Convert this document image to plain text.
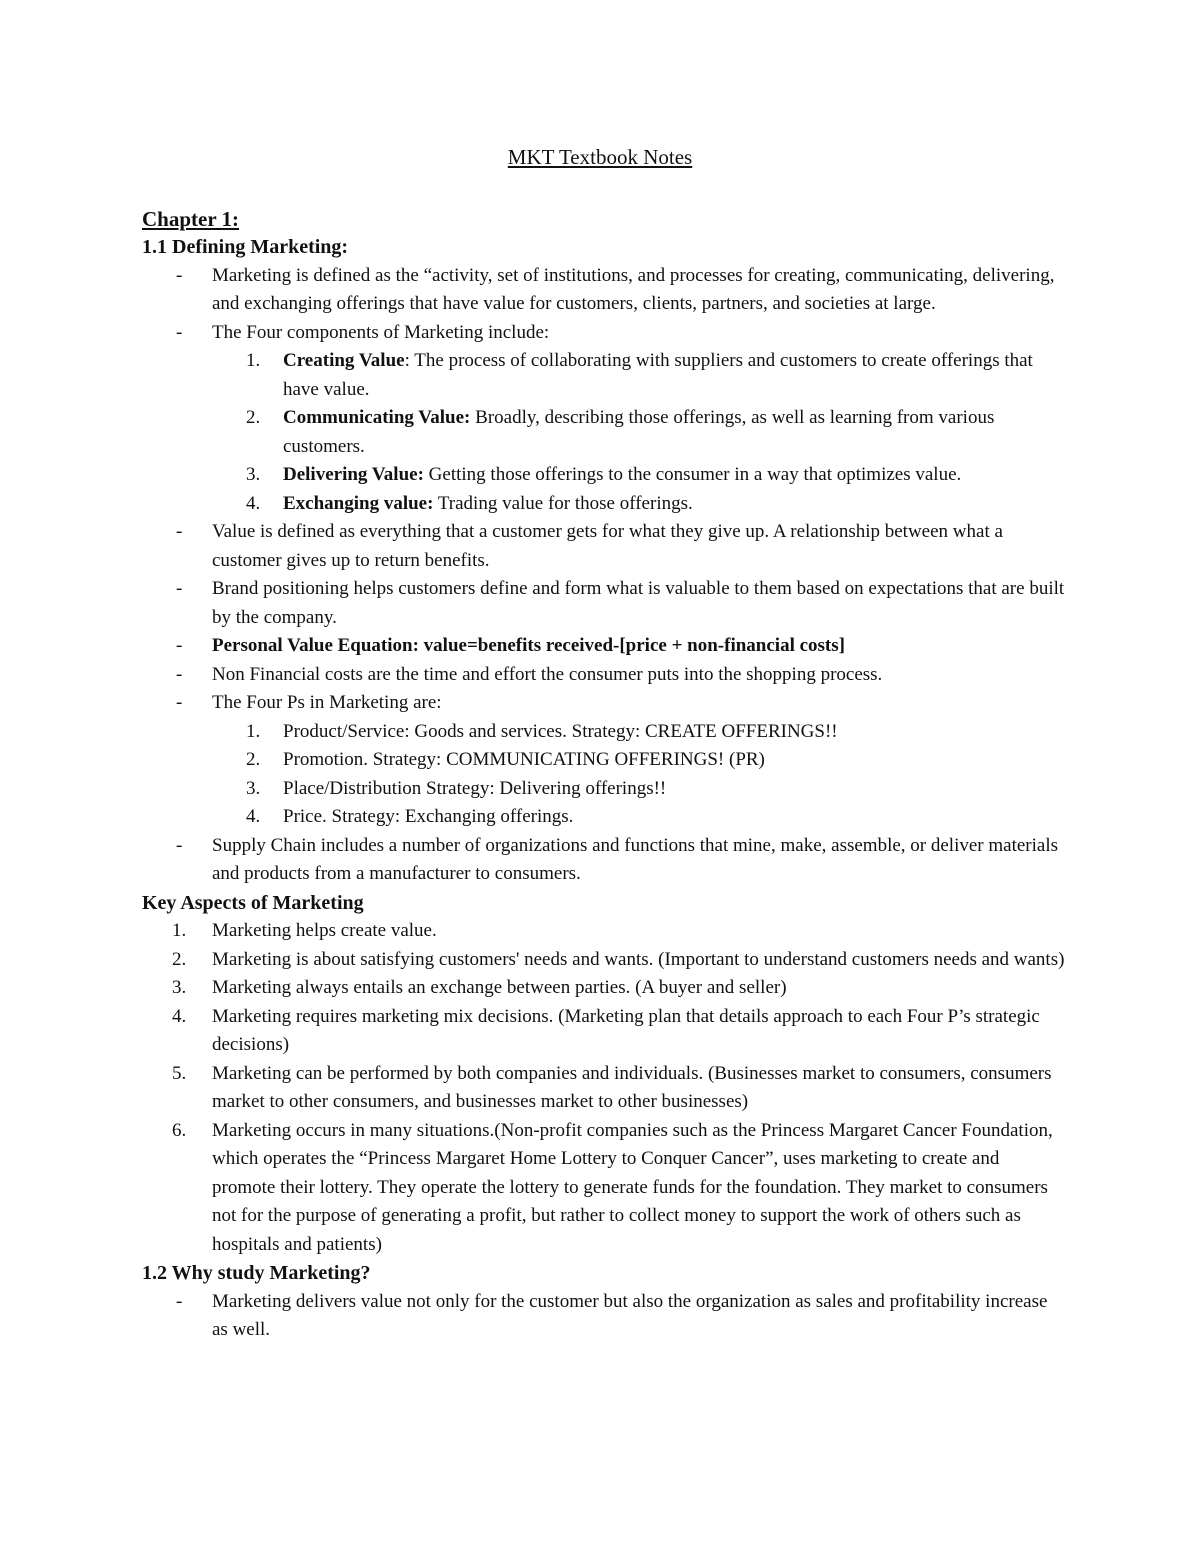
MKT Textbook Notes
Chapter 1:
1.1 Defining Marketing:
- Marketing is defined as the “activity, set of institutions, and processes for creating, communicating, delivering, and exchanging offerings that have value for customers, clients, partners, and societies at large.
- The Four components of Marketing include:
1. Creating Value: The process of collaborating with suppliers and customers to create offerings that have value.
2. Communicating Value: Broadly, describing those offerings, as well as learning from various customers.
3. Delivering Value: Getting those offerings to the consumer in a way that optimizes value.
4. Exchanging value: Trading value for those offerings.
- Value is defined as everything that a customer gets for what they give up. A relationship between what a customer gives up to return benefits.
- Brand positioning helps customers define and form what is valuable to them based on expectations that are built by the company.
- Personal Value Equation: value=benefits received-[price + non-financial costs]
- Non Financial costs are the time and effort the consumer puts into the shopping process.
- The Four Ps in Marketing are:
1. Product/Service: Goods and services. Strategy: CREATE OFFERINGS!!
2. Promotion. Strategy: COMMUNICATING OFFERINGS! (PR)
3. Place/Distribution Strategy: Delivering offerings!!
4. Price. Strategy: Exchanging offerings.
- Supply Chain includes a number of organizations and functions that mine, make, assemble, or deliver materials and products from a manufacturer to consumers.
Key Aspects of Marketing
1. Marketing helps create value.
2. Marketing is about satisfying customers' needs and wants. (Important to understand customers needs and wants)
3. Marketing always entails an exchange between parties. (A buyer and seller)
4. Marketing requires marketing mix decisions. (Marketing plan that details approach to each Four P’s strategic decisions)
5. Marketing can be performed by both companies and individuals. (Businesses market to consumers, consumers market to other consumers, and businesses market to other businesses)
6. Marketing occurs in many situations.(Non-profit companies such as the Princess Margaret Cancer Foundation, which operates the “Princess Margaret Home Lottery to Conquer Cancer”, uses marketing to create and promote their lottery. They operate the lottery to generate funds for the foundation. They market to consumers not for the purpose of generating a profit, but rather to collect money to support the work of others such as hospitals and patients)
1.2 Why study Marketing?
- Marketing delivers value not only for the customer but also the organization as sales and profitability increase as well.
